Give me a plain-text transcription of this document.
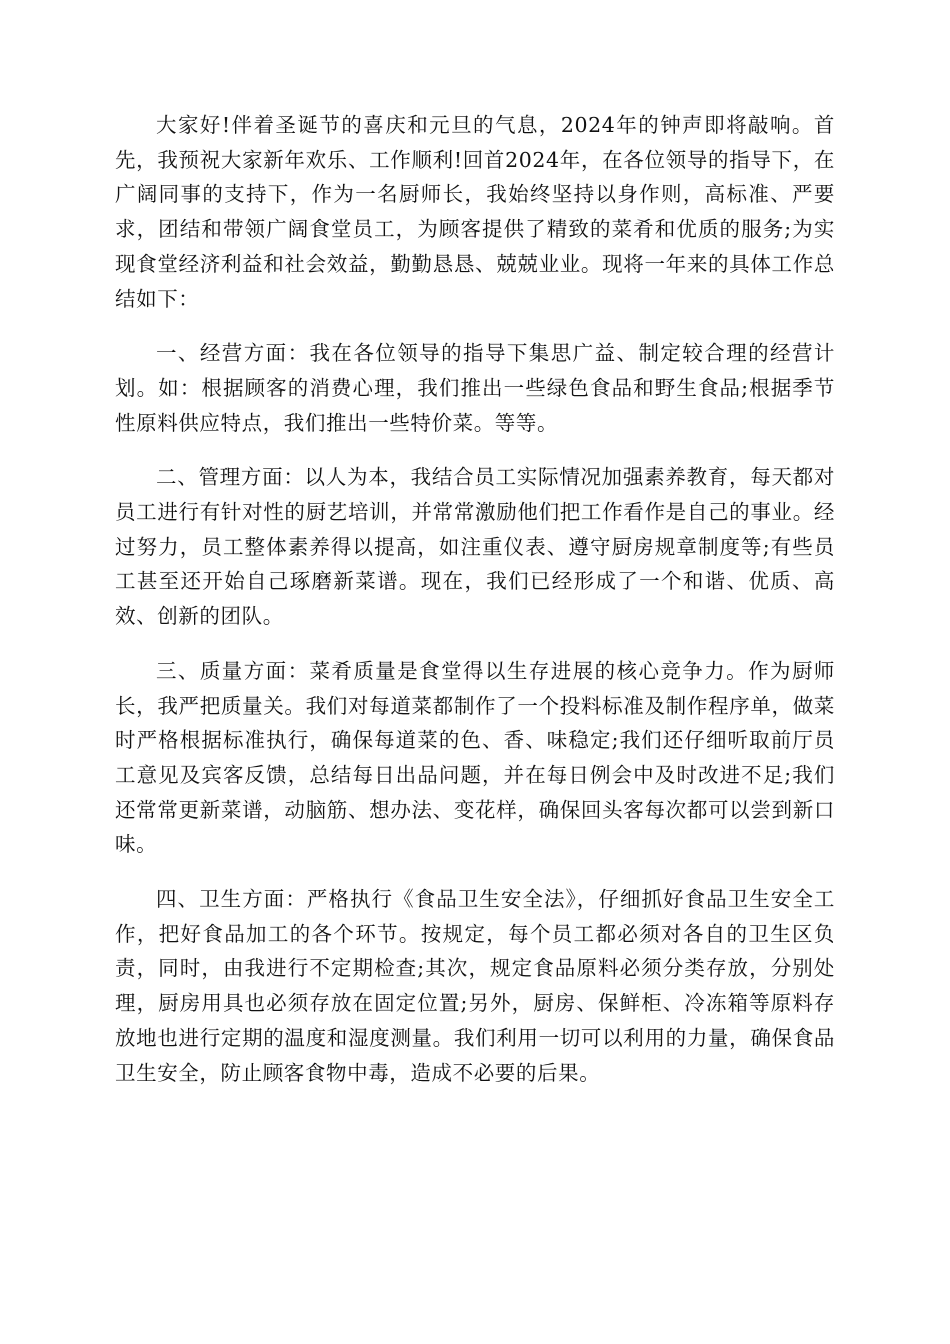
大家好!伴着圣诞节的喜庆和元旦的气息，2024年的钟声即将敲响。首先，我预祝大家新年欢乐、工作顺利!回首2024年，在各位领导的指导下，在广阔同事的支持下，作为一名厨师长，我始终坚持以身作则，高标准、严要求，团结和带领广阔食堂员工，为顾客提供了精致的菜肴和优质的服务;为实现食堂经济利益和社会效益，勤勤恳恳、兢兢业业。现将一年来的具体工作总结如下：

一、经营方面：我在各位领导的指导下集思广益、制定较合理的经营计划。如：根据顾客的消费心理，我们推出一些绿色食品和野生食品;根据季节性原料供应特点，我们推出一些特价菜。等等。

二、管理方面：以人为本，我结合员工实际情况加强素养教育，每天都对员工进行有针对性的厨艺培训，并常常激励他们把工作看作是自己的事业。经过努力，员工整体素养得以提高，如注重仪表、遵守厨房规章制度等;有些员工甚至还开始自己琢磨新菜谱。现在，我们已经形成了一个和谐、优质、高效、创新的团队。

三、质量方面：菜肴质量是食堂得以生存进展的核心竞争力。作为厨师长，我严把质量关。我们对每道菜都制作了一个投料标准及制作程序单，做菜时严格根据标准执行，确保每道菜的色、香、味稳定;我们还仔细听取前厅员工意见及宾客反馈，总结每日出品问题，并在每日例会中及时改进不足;我们还常常更新菜谱，动脑筋、想办法、变花样，确保回头客每次都可以尝到新口味。

四、卫生方面：严格执行《食品卫生安全法》，仔细抓好食品卫生安全工作，把好食品加工的各个环节。按规定，每个员工都必须对各自的卫生区负责，同时，由我进行不定期检查;其次，规定食品原料必须分类存放，分别处理，厨房用具也必须存放在固定位置;另外，厨房、保鲜柜、冷冻箱等原料存放地也进行定期的温度和湿度测量。我们利用一切可以利用的力量，确保食品卫生安全，防止顾客食物中毒，造成不必要的后果。
